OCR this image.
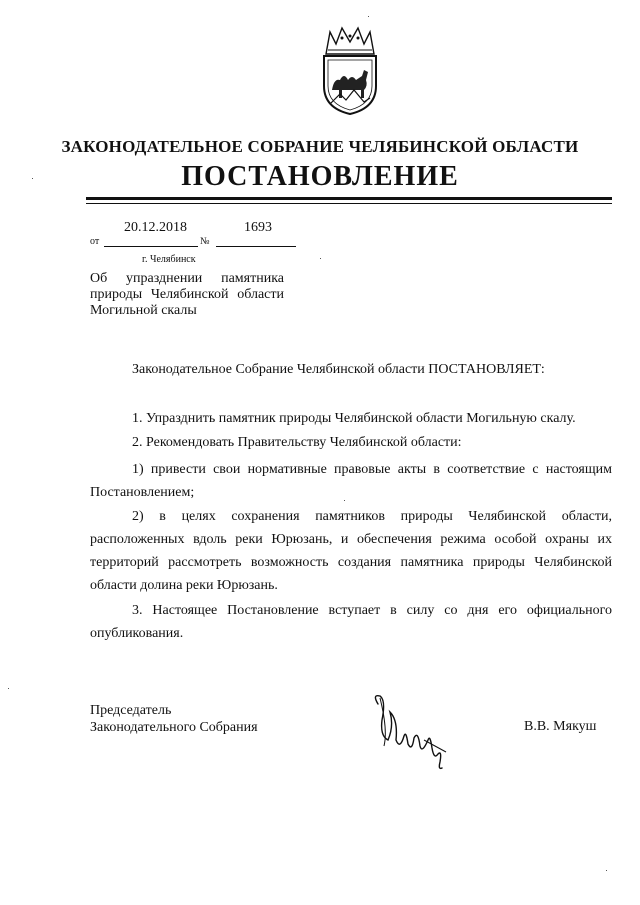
ЗАКОНОДАТЕЛЬНОЕ СОБРАНИЕ ЧЕЛЯБИНСКОЙ ОБЛАСТИ
ПОСТАНОВЛЕНИЕ
20.12.2018	1693
от	№
г. Челябинск
Об упразднении памятника природы Челябинской области Могильной скалы
Законодательное Собрание Челябинской области ПОСТАНОВЛЯЕТ:
1. Упразднить памятник природы Челябинской области Могильную скалу.
2. Рекомендовать Правительству Челябинской области:
1) привести свои нормативные правовые акты в соответствие с настоящим Постановлением;
2) в целях сохранения памятников природы Челябинской области, расположенных вдоль реки Юрюзань, и обеспечения режима особой охраны их территорий рассмотреть возможность создания памятника природы Челябинской области долина реки Юрюзань.
3. Настоящее Постановление вступает в силу со дня его официального опубликования.
Председатель
Законодательного Собрания	В.В. Мякуш
